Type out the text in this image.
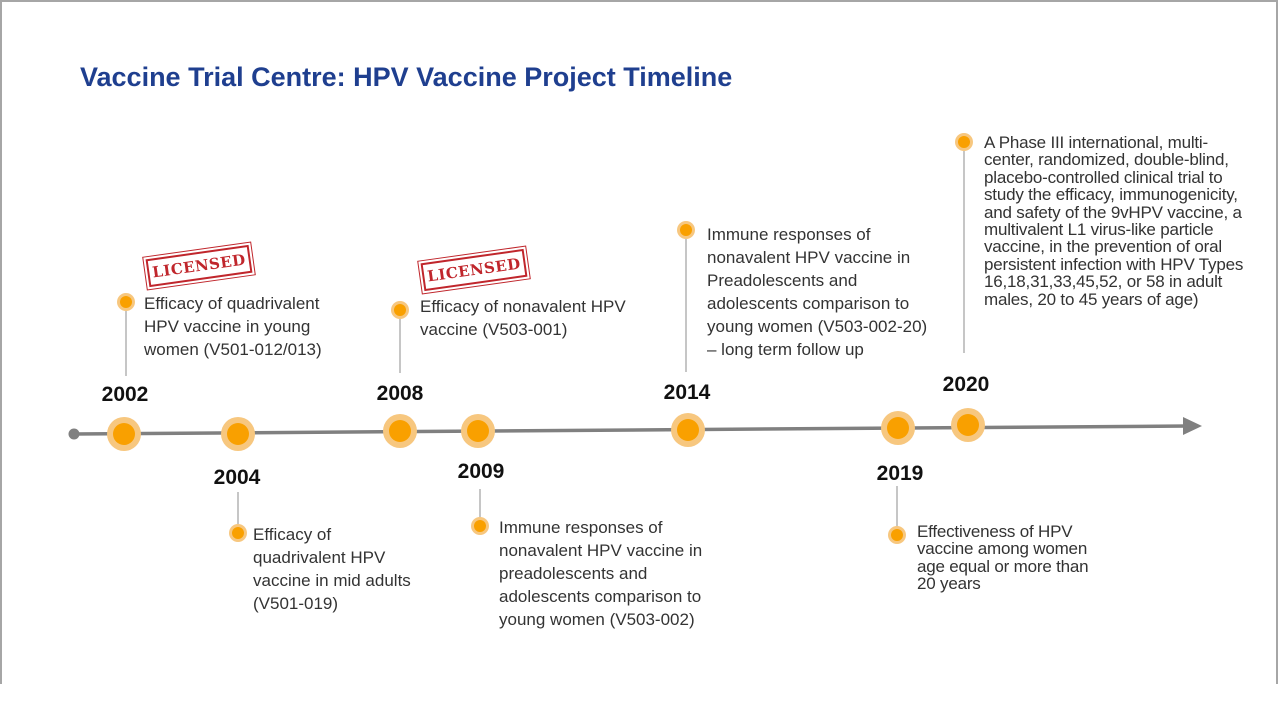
Vaccine Trial Centre: HPV Vaccine Project Timeline
2002
LICENSED
Efficacy of quadrivalent HPV vaccine in young women (V501-012/013)
2004
Efficacy of quadrivalent HPV vaccine in mid adults (V501-019)
2008
LICENSED
Efficacy of nonavalent HPV vaccine (V503-001)
2009
Immune responses of nonavalent HPV vaccine in preadolescents and adolescents comparison to young women (V503-002)
2014
Immune responses of nonavalent HPV vaccine in Preadolescents and adolescents comparison to young women (V503-002-20) – long term follow up
2019
Effectiveness of HPV vaccine among women age equal or more than 20 years
2020
A Phase III international, multi-center, randomized, double-blind, placebo-controlled clinical trial to study the efficacy, immunogenicity, and safety of the 9vHPV vaccine, a multivalent L1 virus-like particle vaccine, in the prevention of oral persistent infection with HPV Types 16,18,31,33,45,52, or 58 in adult males, 20 to 45 years of age)
